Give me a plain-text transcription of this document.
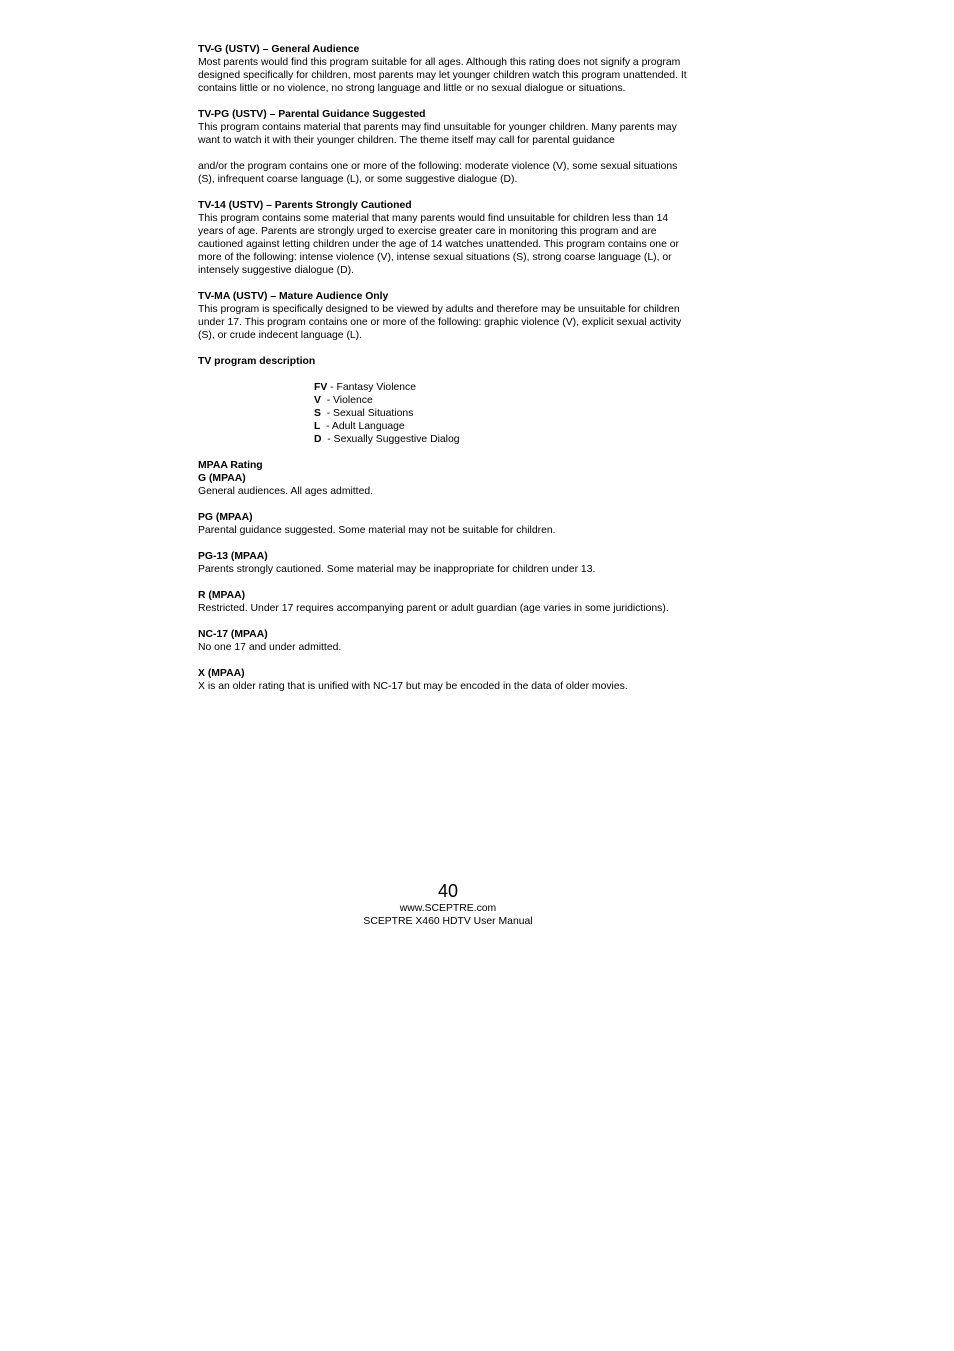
TV-G (USTV) – General Audience

Most parents would find this program suitable for all ages. Although this rating does not signify a program designed specifically for children, most parents may let younger children watch this program unattended. It contains little or no violence, no strong language and little or no sexual dialogue or situations.

TV-PG (USTV) – Parental Guidance Suggested

This program contains material that parents may find unsuitable for younger children. Many parents may want to watch it with their younger children. The theme itself may call for parental guidance

and/or the program contains one or more of the following: moderate violence (V), some sexual situations (S), infrequent coarse language (L), or some suggestive dialogue (D).

TV-14 (USTV) – Parents Strongly Cautioned

This program contains some material that many parents would find unsuitable for children less than 14 years of age. Parents are strongly urged to exercise greater care in monitoring this program and are cautioned against letting children under the age of 14 watches unattended. This program contains one or more of the following: intense violence (V), intense sexual situations (S), strong coarse language (L), or intensely suggestive dialogue (D).

TV-MA (USTV) – Mature Audience Only

This program is specifically designed to be viewed by adults and therefore may be unsuitable for children under 17. This program contains one or more of the following: graphic violence (V), explicit sexual activity (S), or crude indecent language (L).

TV program description

FV - Fantasy Violence
V  - Violence
S  - Sexual Situations
L  - Adult Language
D  - Sexually Suggestive Dialog

MPAA Rating

G (MPAA)

General audiences. All ages admitted.

PG (MPAA)

Parental guidance suggested. Some material may not be suitable for children.

PG-13 (MPAA)

Parents strongly cautioned. Some material may be inappropriate for children under 13.

R (MPAA)

Restricted. Under 17 requires accompanying parent or adult guardian (age varies in some juridictions).

NC-17 (MPAA)

No one 17 and under admitted.

X (MPAA)

X is an older rating that is unified with NC-17 but may be encoded in the data of older movies.

40
www.SCEPTRE.com
SCEPTRE X460 HDTV User Manual
